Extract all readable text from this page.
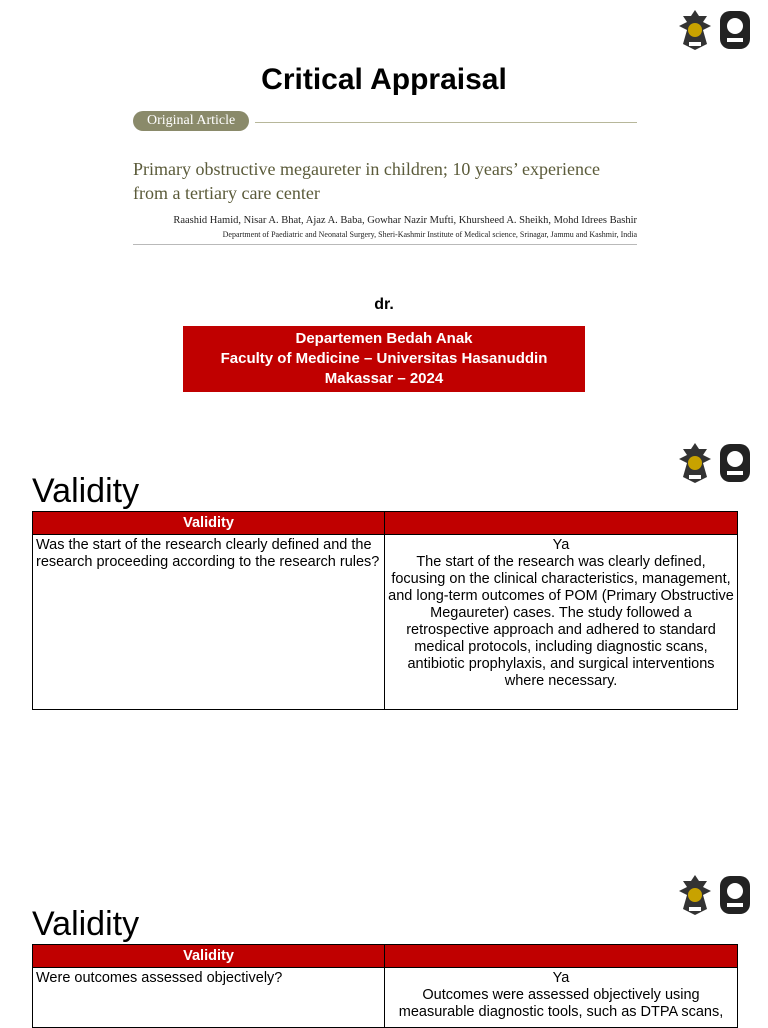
Critical Appraisal
Original Article
Primary obstructive megaureter in children; 10 years’ experience from a tertiary care center
Raashid Hamid, Nisar A. Bhat, Ajaz A. Baba, Gowhar Nazir Mufti, Khursheed A. Sheikh, Mohd Idrees Bashir
Department of Paediatric and Neonatal Surgery, Sheri-Kashmir Institute of Medical science, Srinagar, Jammu and Kashmir, India
dr.
Departemen Bedah Anak
Faculty of Medicine – Universitas Hasanuddin
Makassar – 2024
Validity
Validity	
Was the start of the research clearly defined and the research proceeding according to the research rules?	Ya
The start of the research was clearly defined, focusing on the clinical characteristics, management, and long-term outcomes of POM (Primary Obstructive Megaureter) cases. The study followed a retrospective approach and adhered to standard medical protocols, including diagnostic scans, antibiotic prophylaxis, and surgical interventions where necessary.
Validity
Validity	
Were outcomes assessed objectively?	Ya
Outcomes were assessed objectively using measurable diagnostic tools, such as DTPA scans,
